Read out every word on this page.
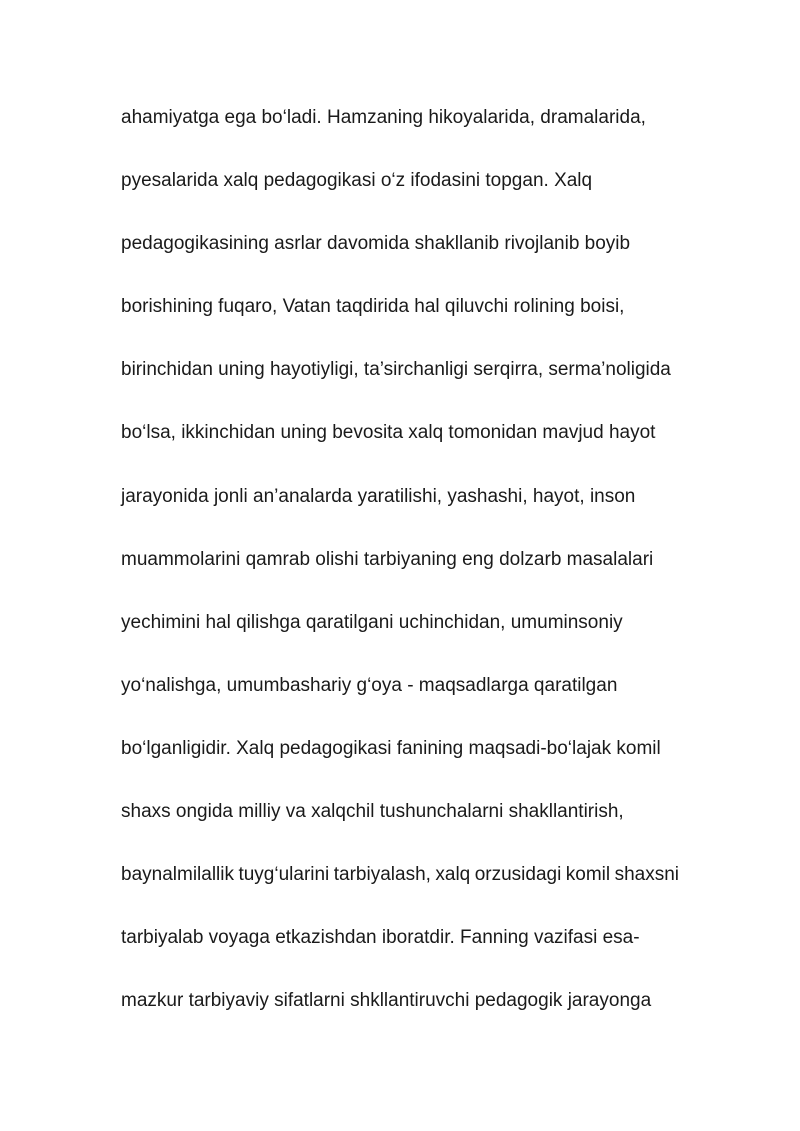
ahamiyatga ega bo‘ladi. Hamzaning hikoyalarida, dramalarida,
pyesalarida xalq pedagogikasi o‘z ifodasini topgan. Xalq
pedagogikasining asrlar davomida shakllanib rivojlanib boyib
borishining fuqaro, Vatan taqdirida hal qiluvchi rolining boisi,
birinchidan uning hayotiyligi, ta’sirchanligi serqirra, serma’noligida
bo‘lsa, ikkinchidan uning bevosita xalq tomonidan mavjud hayot
jarayonida jonli an’analarda yaratilishi, yashashi, hayot, inson
muammolarini qamrab olishi tarbiyaning eng dolzarb masalalari
yechimini hal qilishga qaratilgani uchinchidan, umuminsoniy
yo‘nalishga, umumbashariy g‘oya - maqsadlarga qaratilgan
bo‘lganligidir. Xalq pedagogikasi fanining maqsadi-bo‘lajak komil
shaxs ongida milliy va xalqchil tushunchalarni shakllantirish,
baynalmilallik tuyg‘ularini tarbiyalash, xalq orzusidagi komil shaxsni
tarbiyalab voyaga etkazishdan iboratdir. Fanning vazifasi esa-
mazkur tarbiyaviy sifatlarni shkllantiruvchi pedagogik jarayonga
